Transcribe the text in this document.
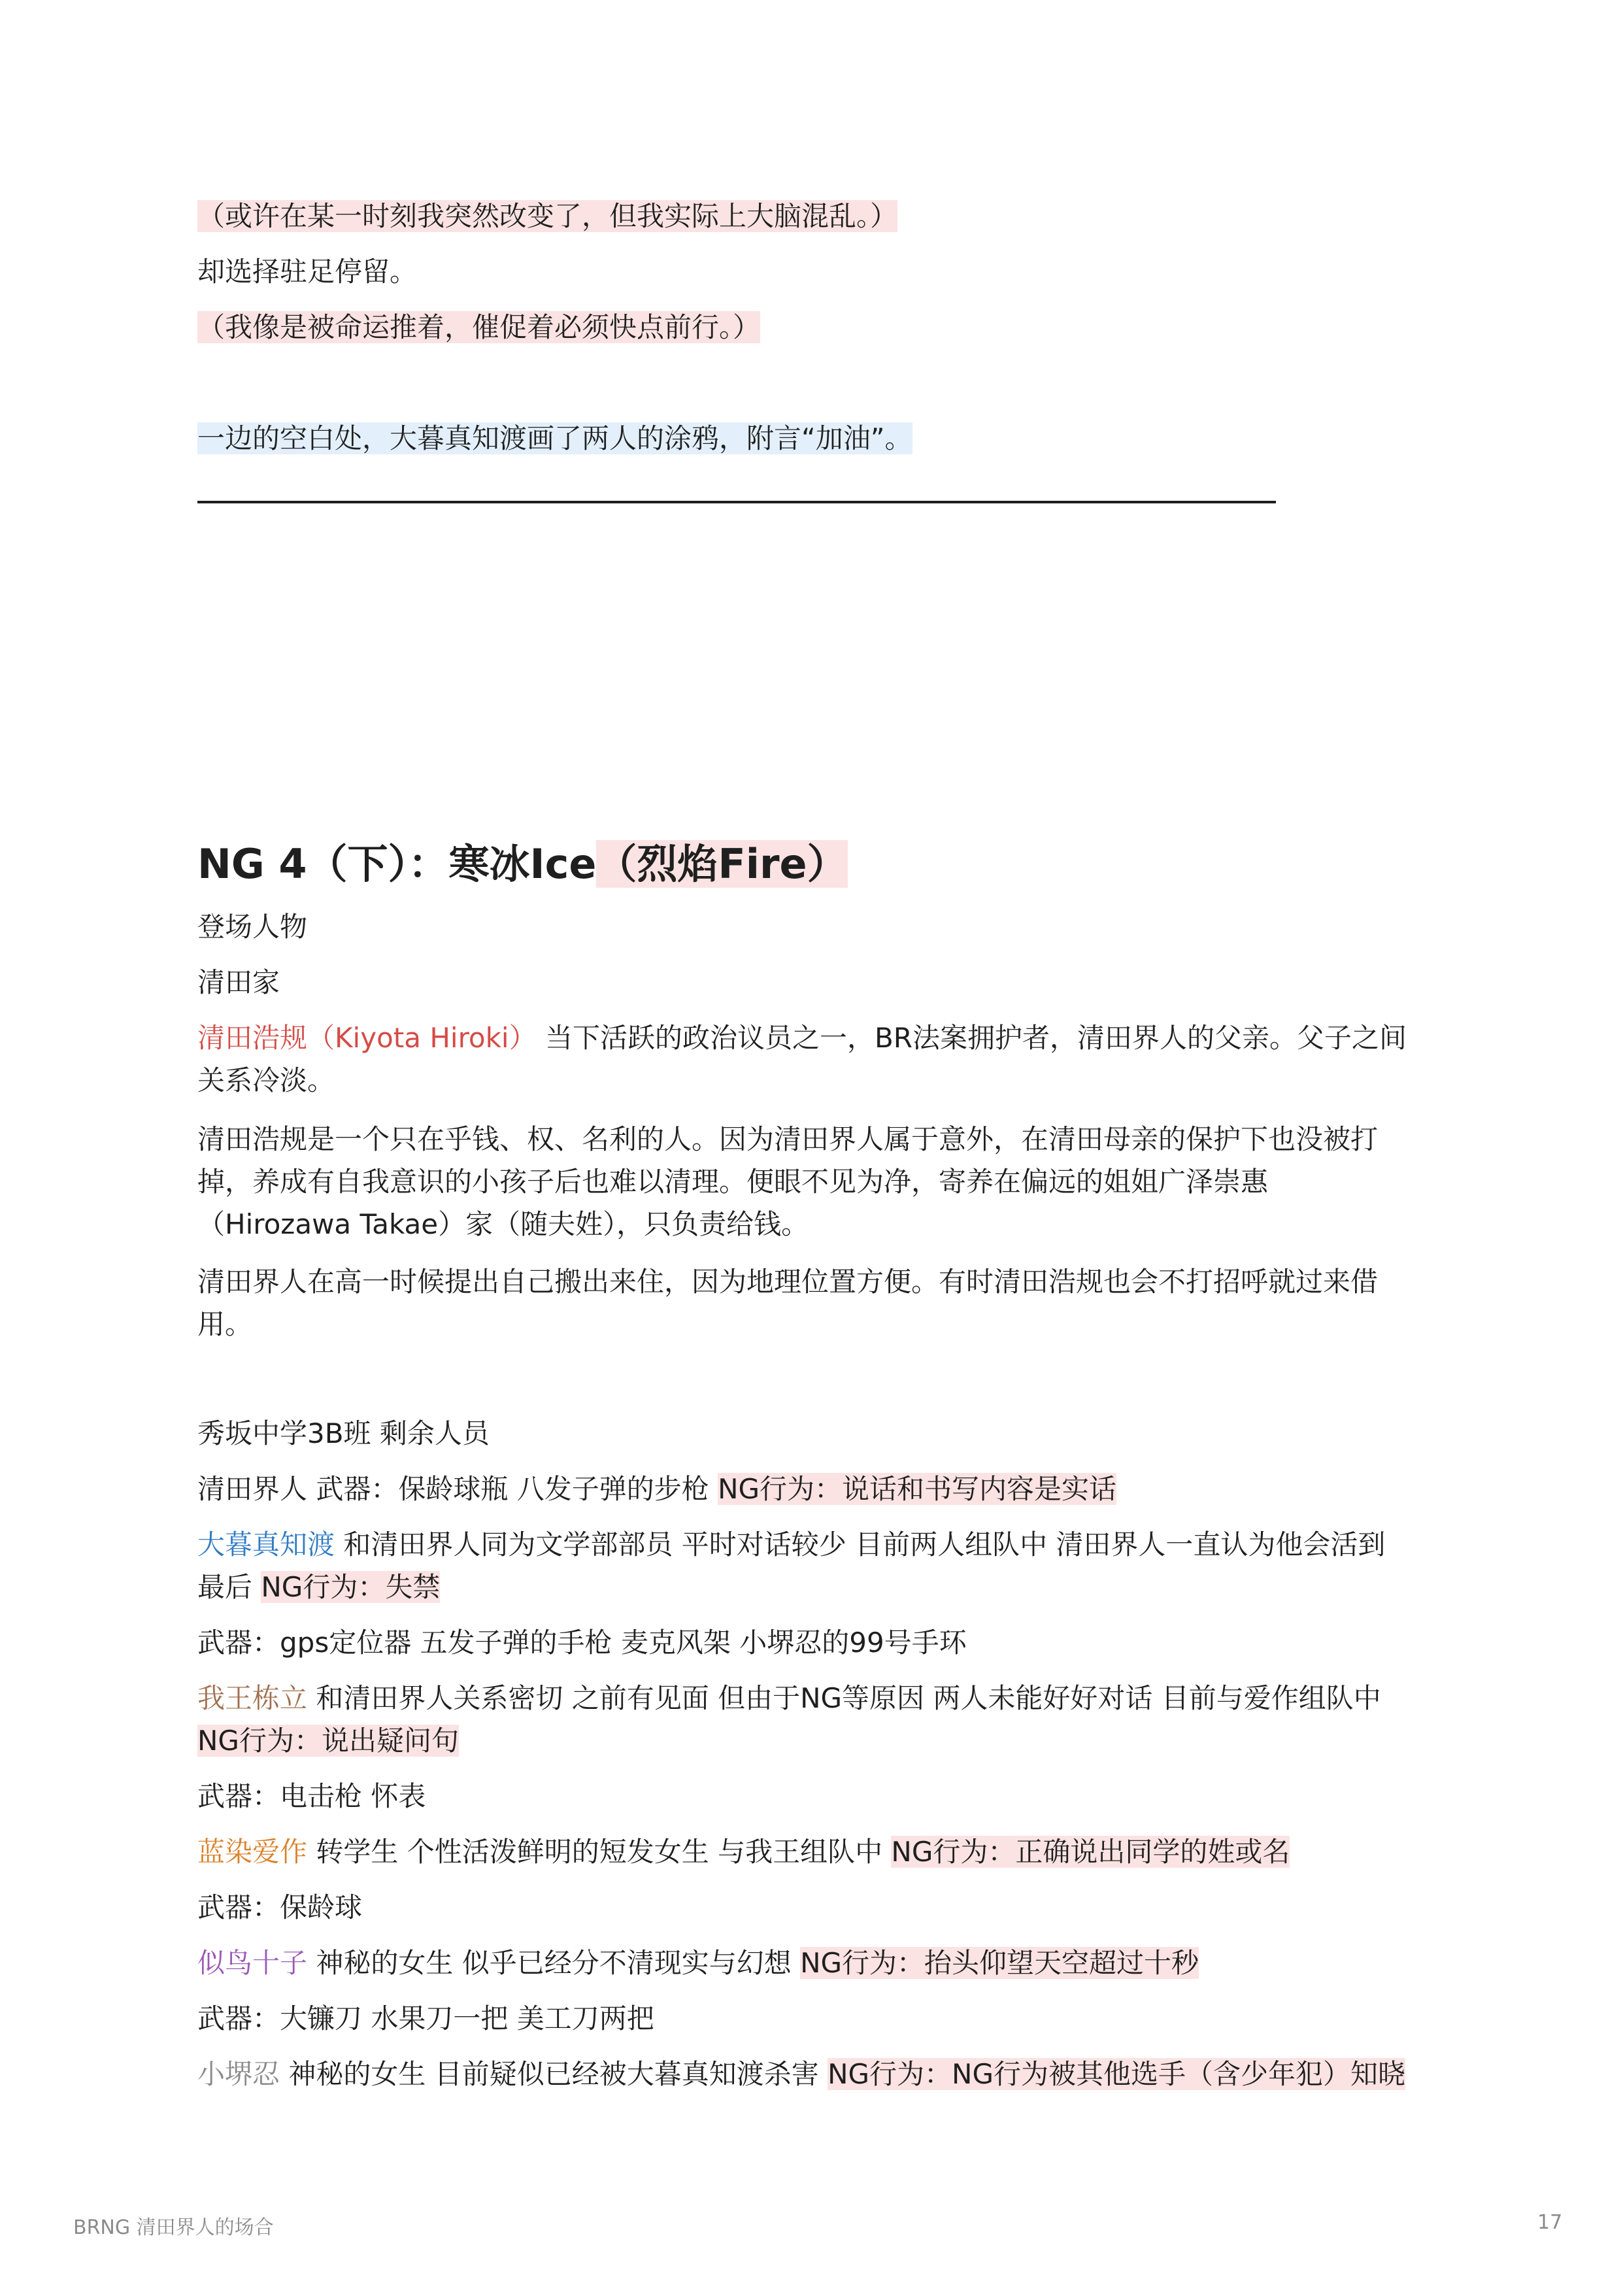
（或许在某一时刻我突然改变了，但我实际上大脑混乱。）
却选择驻足停留。
（我像是被命运推着，催促着必须快点前行。）
一边的空白处，大暮真知渡画了两人的涂鸦，附言“加油”。
NG 4（下）：寒冰Ice（烈焰Fire）
登场人物
清田家
清田浩规（Kiyota Hiroki） 当下活跃的政治议员之一，BR法案拥护者，清田界人的父亲。父子之间
关系冷淡。
清田浩规是一个只在乎钱、权、名利的人。因为清田界人属于意外，在清田母亲的保护下也没被打
掉，养成有自我意识的小孩子后也难以清理。便眼不见为净，寄养在偏远的姐姐广泽崇惠
（Hirozawa Takae）家（随夫姓），只负责给钱。
清田界人在高一时候提出自己搬出来住，因为地理位置方便。有时清田浩规也会不打招呼就过来借
用。
秀坂中学3B班 剩余人员
清田界人 武器：保龄球瓶 八发子弹的步枪 NG行为：说话和书写内容是实话
大暮真知渡 和清田界人同为文学部部员 平时对话较少 目前两人组队中 清田界人一直认为他会活到
最后 NG行为：失禁
武器：gps定位器 五发子弹的手枪 麦克风架 小堺忍的99号手环
我王栋立 和清田界人关系密切 之前有见面 但由于NG等原因 两人未能好好对话 目前与爱作组队中
NG行为：说出疑问句
武器：电击枪 怀表
蓝染爱作 转学生 个性活泼鲜明的短发女生 与我王组队中 NG行为：正确说出同学的姓或名
武器：保龄球
似鸟十子 神秘的女生 似乎已经分不清现实与幻想 NG行为：抬头仰望天空超过十秒
武器：大镰刀 水果刀一把 美工刀两把
小堺忍 神秘的女生 目前疑似已经被大暮真知渡杀害 NG行为：NG行为被其他选手（含少年犯）知晓
BRNG 清田界人的场合	17
